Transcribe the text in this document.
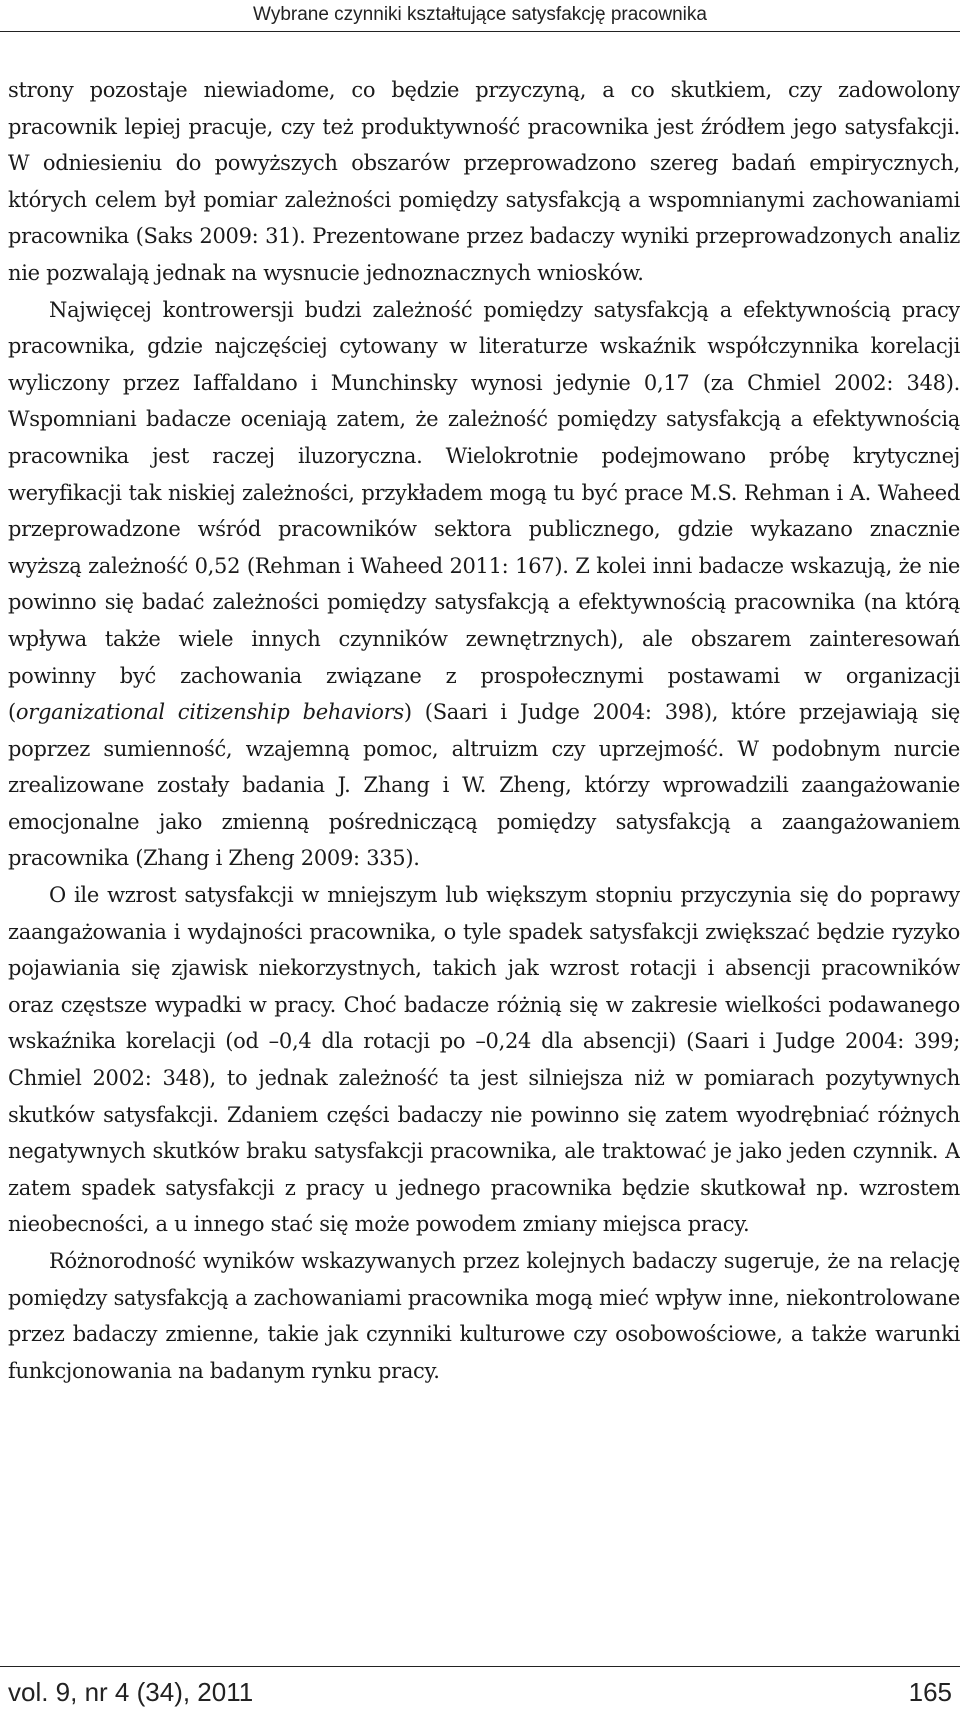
Wybrane czynniki kształtujące satysfakcję pracownika

strony pozostaje niewiadome, co będzie przyczyną, a co skutkiem, czy zadowolony pracownik lepiej pracuje, czy też produktywność pracownika jest źródłem jego satysfakcji. W odniesieniu do powyższych obszarów przeprowadzono szereg badań empirycznych, których celem był pomiar zależności pomiędzy satysfakcją a wspomnianymi zachowaniami pracownika (Saks 2009: 31). Prezentowane przez badaczy wyniki przeprowadzonych analiz nie pozwalają jednak na wysnucie jednoznacznych wniosków.

Najwięcej kontrowersji budzi zależność pomiędzy satysfakcją a efektywnością pracy pracownika, gdzie najczęściej cytowany w literaturze wskaźnik współczynnika korelacji wyliczony przez Iaffaldano i Munchinsky wynosi jedynie 0,17 (za Chmiel 2002: 348). Wspomniani badacze oceniają zatem, że zależność pomiędzy satysfakcją a efektywnością pracownika jest raczej iluzoryczna. Wielokrotnie podejmowano próbę krytycznej weryfikacji tak niskiej zależności, przykładem mogą tu być prace M.S. Rehman i A. Waheed przeprowadzone wśród pracowników sektora publicznego, gdzie wykazano znacznie wyższą zależność 0,52 (Rehman i Waheed 2011: 167). Z kolei inni badacze wskazują, że nie powinno się badać zależności pomiędzy satysfakcją a efektywnością pracownika (na którą wpływa także wiele innych czynników zewnętrznych), ale obszarem zainteresowań powinny być zachowania związane z prospołecznymi postawami w organizacji (organizational citizenship behaviors) (Saari i Judge 2004: 398), które przejawiają się poprzez sumienność, wzajemną pomoc, altruizm czy uprzejmość. W podobnym nurcie zrealizowane zostały badania J. Zhang i W. Zheng, którzy wprowadzili zaangażowanie emocjonalne jako zmienną pośredniczącą pomiędzy satysfakcją a zaangażowaniem pracownika (Zhang i Zheng 2009: 335).

O ile wzrost satysfakcji w mniejszym lub większym stopniu przyczynia się do poprawy zaangażowania i wydajności pracownika, o tyle spadek satysfakcji zwiększać będzie ryzyko pojawiania się zjawisk niekorzystnych, takich jak wzrost rotacji i absencji pracowników oraz częstsze wypadki w pracy. Choć badacze różnią się w zakresie wielkości podawanego wskaźnika korelacji (od –0,4 dla rotacji po –0,24 dla absencji) (Saari i Judge 2004: 399; Chmiel 2002: 348), to jednak zależność ta jest silniejsza niż w pomiarach pozytywnych skutków satysfakcji. Zdaniem części badaczy nie powinno się zatem wyodrębniać różnych negatywnych skutków braku satysfakcji pracownika, ale traktować je jako jeden czynnik. A zatem spadek satysfakcji z pracy u jednego pracownika będzie skutkował np. wzrostem nieobecności, a u innego stać się może powodem zmiany miejsca pracy.

Różnorodność wyników wskazywanych przez kolejnych badaczy sugeruje, że na relację pomiędzy satysfakcją a zachowaniami pracownika mogą mieć wpływ inne, niekontrolowane przez badaczy zmienne, takie jak czynniki kulturowe czy osobowościowe, a także warunki funkcjonowania na badanym rynku pracy.

vol. 9, nr 4 (34), 2011	165
